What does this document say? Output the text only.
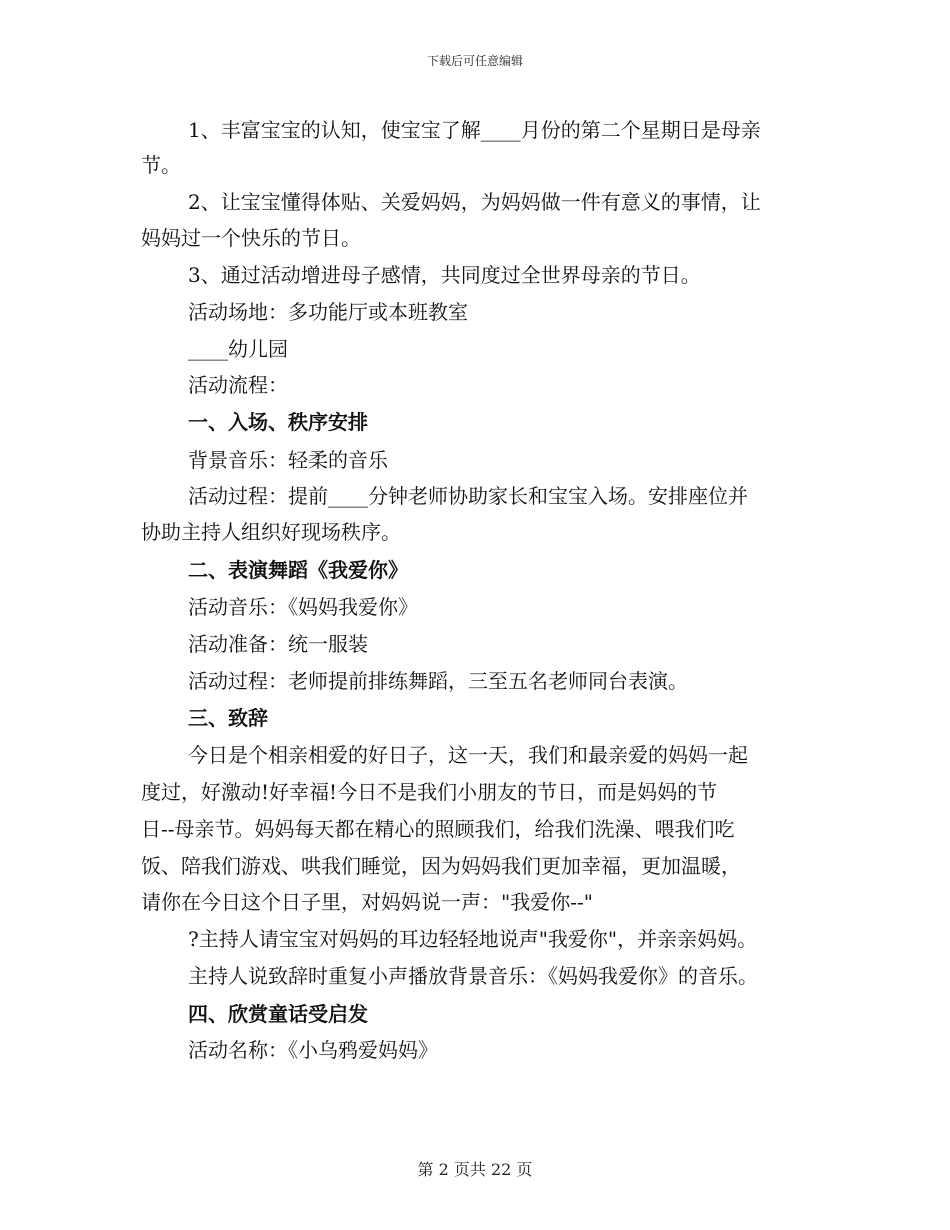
下载后可任意编辑
1、丰富宝宝的认知，使宝宝了解____月份的第二个星期日是母亲
节。
2、让宝宝懂得体贴、关爱妈妈，为妈妈做一件有意义的事情，让
妈妈过一个快乐的节日。
3、通过活动增进母子感情，共同度过全世界母亲的节日。
活动场地：多功能厅或本班教室
____幼儿园
活动流程：
一、入场、秩序安排
背景音乐：轻柔的音乐
活动过程：提前____分钟老师协助家长和宝宝入场。安排座位并
协助主持人组织好现场秩序。
二、表演舞蹈《我爱你》
活动音乐：《妈妈我爱你》
活动准备：统一服装
活动过程：老师提前排练舞蹈，三至五名老师同台表演。
三、致辞
今日是个相亲相爱的好日子，这一天，我们和最亲爱的妈妈一起
度过，好激动!好幸福!今日不是我们小朋友的节日，而是妈妈的节
日--母亲节。妈妈每天都在精心的照顾我们，给我们洗澡、喂我们吃
饭、陪我们游戏、哄我们睡觉，因为妈妈我们更加幸福，更加温暖，
请你在今日这个日子里，对妈妈说一声："我爱你--"
?主持人请宝宝对妈妈的耳边轻轻地说声"我爱你"，并亲亲妈妈。
主持人说致辞时重复小声播放背景音乐：《妈妈我爱你》的音乐。
四、欣赏童话受启发
活动名称：《小乌鸦爱妈妈》
第 2 页共 22 页
